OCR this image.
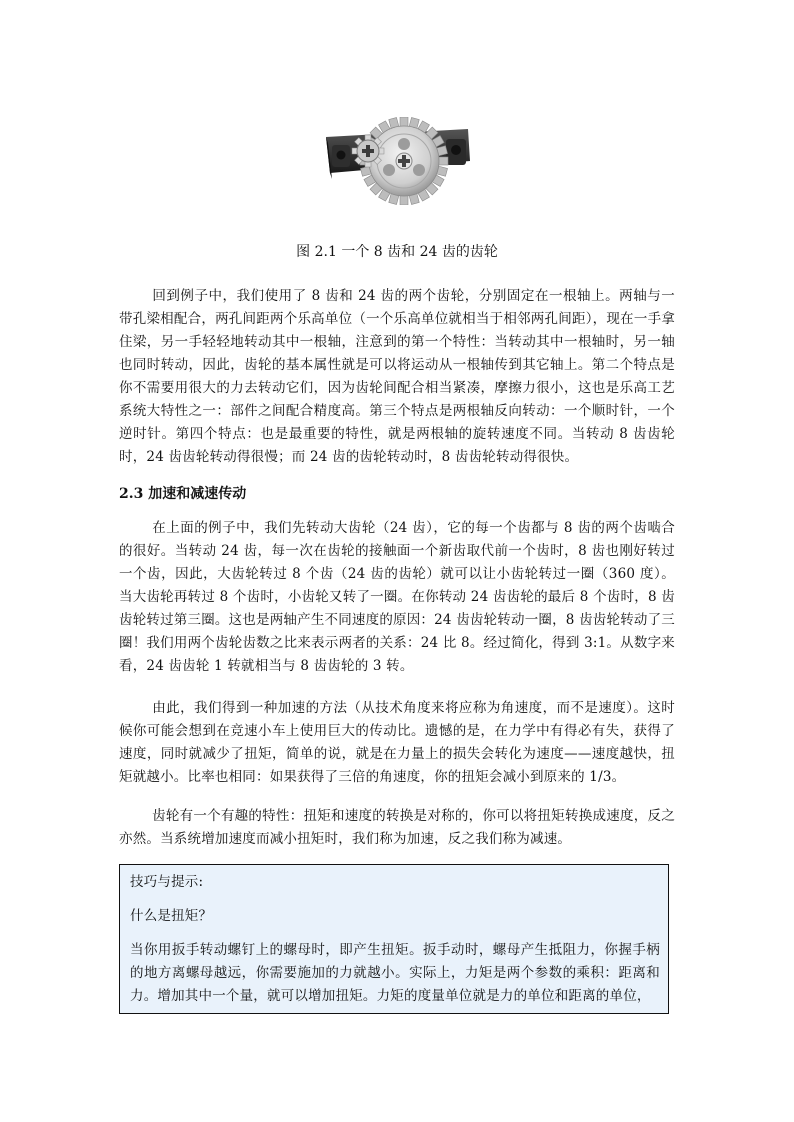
图 2.1 一个 8 齿和 24 齿的齿轮

回到例子中，我们使用了 8 齿和 24 齿的两个齿轮，分别固定在一根轴上。两轴与一带孔梁相配合，两孔间距两个乐高单位（一个乐高单位就相当于相邻两孔间距），现在一手拿住梁，另一手轻轻地转动其中一根轴，注意到的第一个特性：当转动其中一根轴时，另一轴也同时转动，因此，齿轮的基本属性就是可以将运动从一根轴传到其它轴上。第二个特点是你不需要用很大的力去转动它们，因为齿轮间配合相当紧凑，摩擦力很小，这也是乐高工艺系统大特性之一：部件之间配合精度高。第三个特点是两根轴反向转动：一个顺时针，一个逆时针。第四个特点：也是最重要的特性，就是两根轴的旋转速度不同。当转动 8 齿齿轮时，24 齿齿轮转动得很慢；而 24 齿的齿轮转动时，8 齿齿轮转动得很快。

2.3 加速和减速传动

在上面的例子中，我们先转动大齿轮（24 齿），它的每一个齿都与 8 齿的两个齿啮合的很好。当转动 24 齿，每一次在齿轮的接触面一个新齿取代前一个齿时，8 齿也刚好转过一个齿，因此，大齿轮转过 8 个齿（24 齿的齿轮）就可以让小齿轮转过一圈（360 度）。当大齿轮再转过 8 个齿时，小齿轮又转了一圈。在你转动 24 齿齿轮的最后 8 个齿时，8 齿齿轮转过第三圈。这也是两轴产生不同速度的原因：24 齿齿轮转动一圈，8 齿齿轮转动了三圈！我们用两个齿轮齿数之比来表示两者的关系：24 比 8。经过简化，得到 3:1。从数字来看，24 齿齿轮 1 转就相当与 8 齿齿轮的 3 转。

由此，我们得到一种加速的方法（从技术角度来将应称为角速度，而不是速度）。这时候你可能会想到在竞速小车上使用巨大的传动比。遗憾的是，在力学中有得必有失，获得了速度，同时就减少了扭矩，简单的说，就是在力量上的损失会转化为速度——速度越快，扭矩就越小。比率也相同：如果获得了三倍的角速度，你的扭矩会减小到原来的 1/3。

齿轮有一个有趣的特性：扭矩和速度的转换是对称的，你可以将扭矩转换成速度，反之亦然。当系统增加速度而减小扭矩时，我们称为加速，反之我们称为减速。

技巧与提示:

什么是扭矩？

当你用扳手转动螺钉上的螺母时，即产生扭矩。扳手动时，螺母产生抵阻力，你握手柄的地方离螺母越远，你需要施加的力就越小。实际上，力矩是两个参数的乘积：距离和力。增加其中一个量，就可以增加扭矩。力矩的度量单位就是力的单位和距离的单位，
